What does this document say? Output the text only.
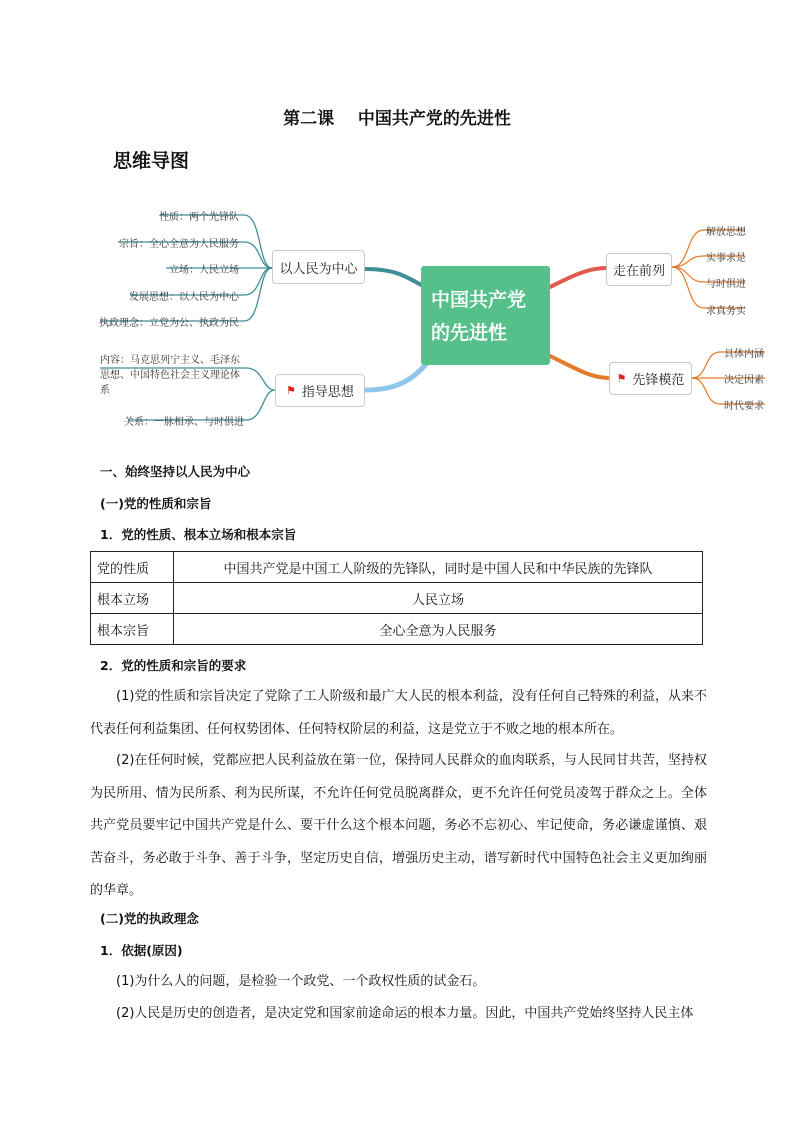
第二课    中国共产党的先进性
思维导图
性质：两个先锋队
宗旨：全心全意为人民服务
立场：人民立场
发展思想：以人民为中心
执政理念：立党为公、执政为民
内容：马克思列宁主义、毛泽东
思想、中国特色社会主义理论体
系
关系：一脉相承、与时俱进
以人民为中心
⚑ 指导思想
中国共产党
的先进性
走在前列
⚑ 先锋模范
解放思想
实事求是
与时俱进
求真务实
具体内涵
决定因素
时代要求
一、始终坚持以人民为中心
(一)党的性质和宗旨
1．党的性质、根本立场和根本宗旨
党的性质	中国共产党是中国工人阶级的先锋队，同时是中国人民和中华民族的先锋队
根本立场	人民立场
根本宗旨	全心全意为人民服务
2．党的性质和宗旨的要求
(1)党的性质和宗旨决定了党除了工人阶级和最广大人民的根本利益，没有任何自己特殊的利益，从来不代表任何利益集团、任何权势团体、任何特权阶层的利益，这是党立于不败之地的根本所在。
(2)在任何时候，党都应把人民利益放在第一位，保持同人民群众的血肉联系，与人民同甘共苦，坚持权为民所用、情为民所系、利为民所谋，不允许任何党员脱离群众，更不允许任何党员凌驾于群众之上。全体共产党员要牢记中国共产党是什么、要干什么这个根本问题，务必不忘初心、牢记使命，务必谦虚谨慎、艰苦奋斗，务必敢于斗争、善于斗争，坚定历史自信，增强历史主动，谱写新时代中国特色社会主义更加绚丽的华章。
(二)党的执政理念
1．依据(原因)
(1)为什么人的问题，是检验一个政党、一个政权性质的试金石。
(2)人民是历史的创造者，是决定党和国家前途命运的根本力量。因此，中国共产党始终坚持人民主体
